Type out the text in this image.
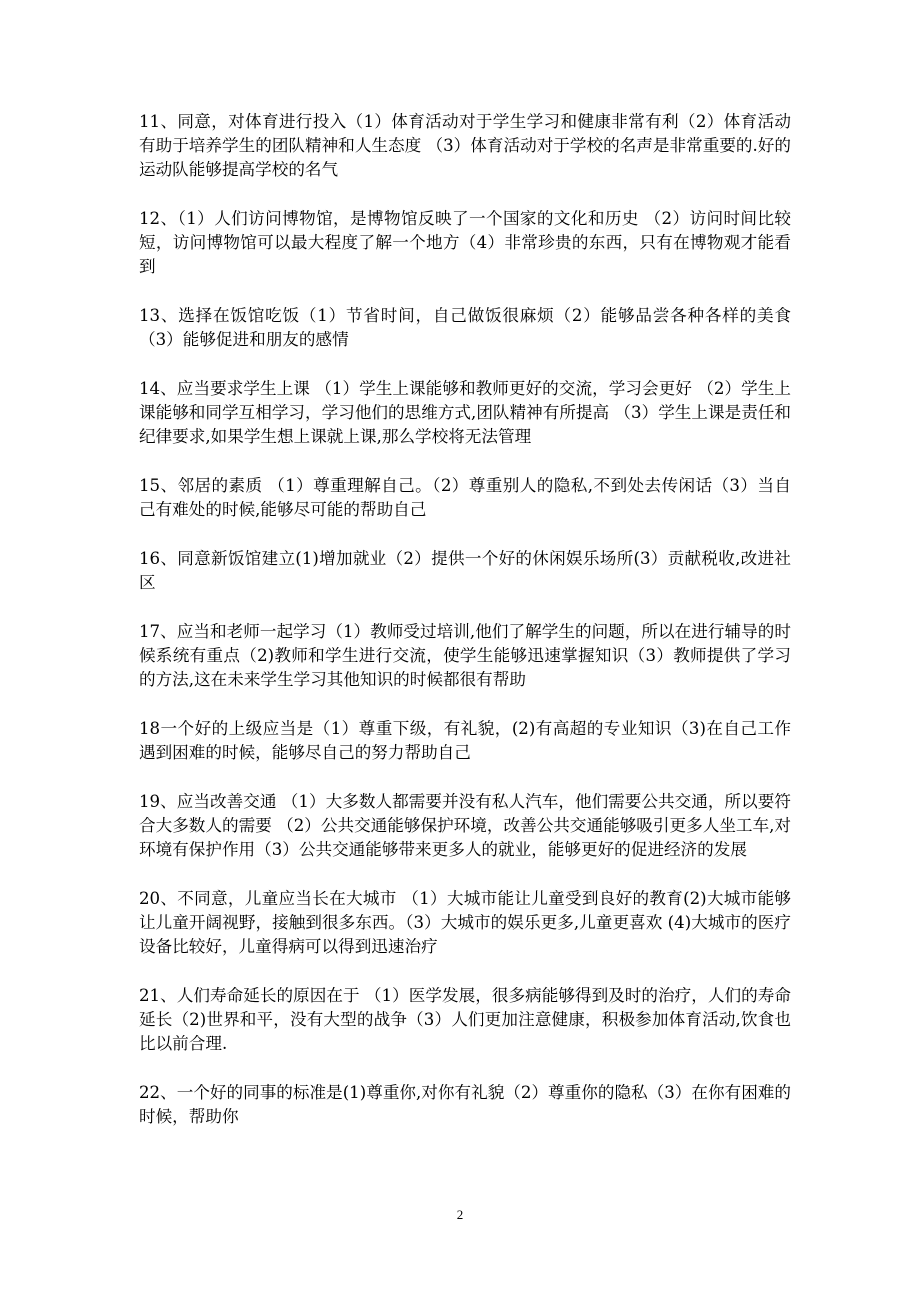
11、同意，对体育进行投入（1）体育活动对于学生学习和健康非常有利（2）体育活动有助于培养学生的团队精神和人生态度 （3）体育活动对于学校的名声是非常重要的.好的运动队能够提高学校的名气

12、（1）人们访问博物馆，是博物馆反映了一个国家的文化和历史 （2）访问时间比较短，访问博物馆可以最大程度了解一个地方（4）非常珍贵的东西，只有在博物观才能看到

13、选择在饭馆吃饭（1）节省时间，自己做饭很麻烦（2）能够品尝各种各样的美食（3）能够促进和朋友的感情

14、应当要求学生上课 （1）学生上课能够和教师更好的交流，学习会更好 （2）学生上课能够和同学互相学习，学习他们的思维方式,团队精神有所提高 （3）学生上课是责任和纪律要求,如果学生想上课就上课,那么学校将无法管理

15、邻居的素质 （1）尊重理解自己。（2）尊重别人的隐私,不到处去传闲话（3）当自己有难处的时候,能够尽可能的帮助自己

16、同意新饭馆建立(1)增加就业（2）提供一个好的休闲娱乐场所(3）贡献税收,改进社区

17、应当和老师一起学习（1）教师受过培训,他们了解学生的问题，所以在进行辅导的时候系统有重点（2)教师和学生进行交流，使学生能够迅速掌握知识（3）教师提供了学习的方法,这在未来学生学习其他知识的时候都很有帮助

18一个好的上级应当是（1）尊重下级，有礼貌，(2)有高超的专业知识（3)在自己工作遇到困难的时候，能够尽自己的努力帮助自己

19、应当改善交通 （1）大多数人都需要并没有私人汽车，他们需要公共交通，所以要符合大多数人的需要 （2）公共交通能够保护环境，改善公共交通能够吸引更多人坐工车,对环境有保护作用（3）公共交通能够带来更多人的就业，能够更好的促进经济的发展

20、不同意，儿童应当长在大城市 （1）大城市能让儿童受到良好的教育(2)大城市能够让儿童开阔视野，接触到很多东西。（3）大城市的娱乐更多,儿童更喜欢 (4)大城市的医疗设备比较好，儿童得病可以得到迅速治疗

21、人们寿命延长的原因在于 （1）医学发展，很多病能够得到及时的治疗，人们的寿命延长（2)世界和平，没有大型的战争（3）人们更加注意健康，积极参加体育活动,饮食也比以前合理.

22、一个好的同事的标准是(1)尊重你,对你有礼貌（2）尊重你的隐私（3）在你有困难的时候，帮助你

2
